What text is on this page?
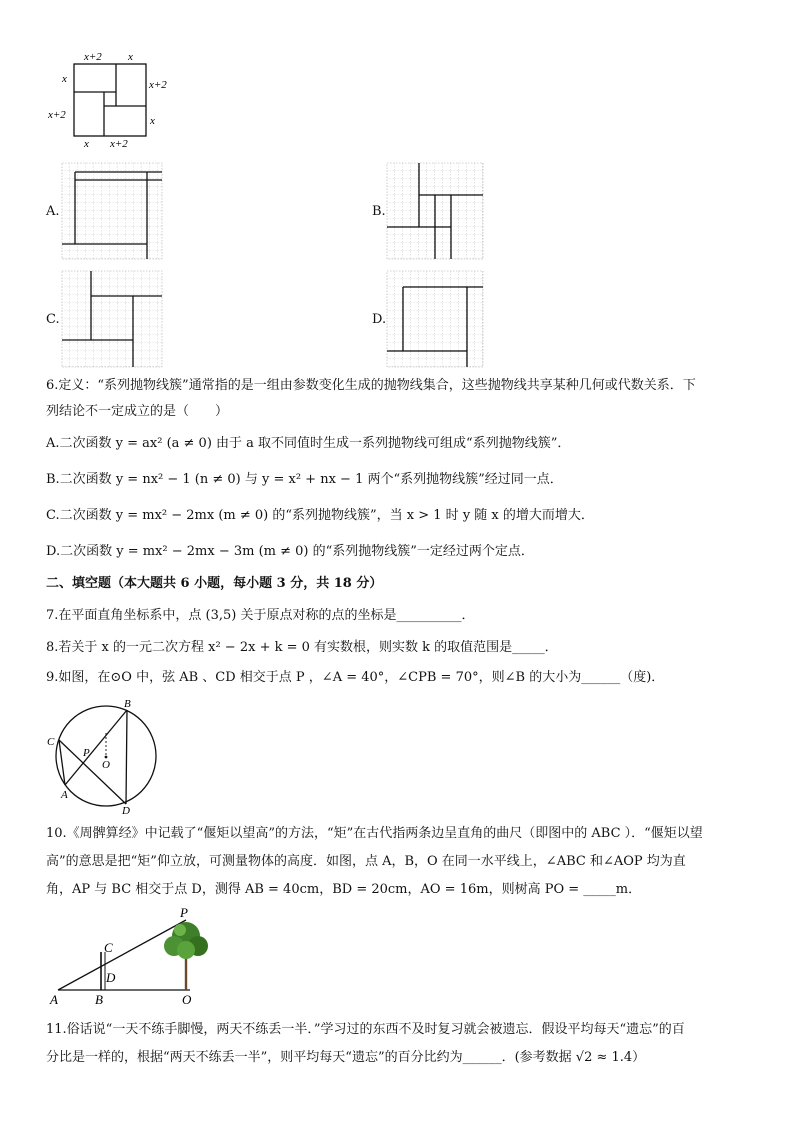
x+2 x
x
x+2
x+2
x
x x+2
A.	B.
C.	D.
6.定义：“系列抛物线簇”通常指的是一组由参数变化生成的抛物线集合，这些抛物线共享某种几何或代数关系．下
列结论不一定成立的是（　　）
A.二次函数 y = ax² (a ≠ 0) 由于 a 取不同值时生成一系列抛物线可组成“系列抛物线簇”．
B.二次函数 y = nx² − 1 (n ≠ 0) 与 y = x² + nx − 1 两个“系列抛物线簇”经过同一点．
C.二次函数 y = mx² − 2mx (m ≠ 0) 的“系列抛物线簇”，当 x > 1 时 y 随 x 的增大而增大．
D.二次函数 y = mx² − 2mx − 3m (m ≠ 0) 的“系列抛物线簇”一定经过两个定点．
二、填空题（本大题共 6 小题，每小题 3 分，共 18 分）
7.在平面直角坐标系中，点 (3,5) 关于原点对称的点的坐标是__________．
8.若关于 x 的一元二次方程 x² − 2x + k = 0 有实数根，则实数 k 的取值范围是_____．
9.如图，在⊙O 中，弦 AB 、CD 相交于点 P ，∠A = 40°，∠CPB = 70°，则∠B 的大小为______（度)．
B
C
P
O
A
D
10.《周髀算经》中记载了“偃矩以望高”的方法，“矩”在古代指两条边呈直角的曲尺（即图中的 ABC ）．“偃矩以望
高”的意思是把“矩”仰立放，可测量物体的高度．如图，点 A，B，O 在同一水平线上，∠ABC 和∠AOP 均为直
角，AP 与 BC 相交于点 D，测得 AB = 40cm，BD = 20cm，AO = 16m，则树高 PO = _____m．
P
C
D
A	B	O
11.俗话说“一天不练手脚慢，两天不练丢一半．”学习过的东西不及时复习就会被遗忘．假设平均每天“遗忘”的百
分比是一样的，根据“两天不练丢一半”，则平均每天“遗忘”的百分比约为______．(参考数据 √2 ≈ 1.4）
